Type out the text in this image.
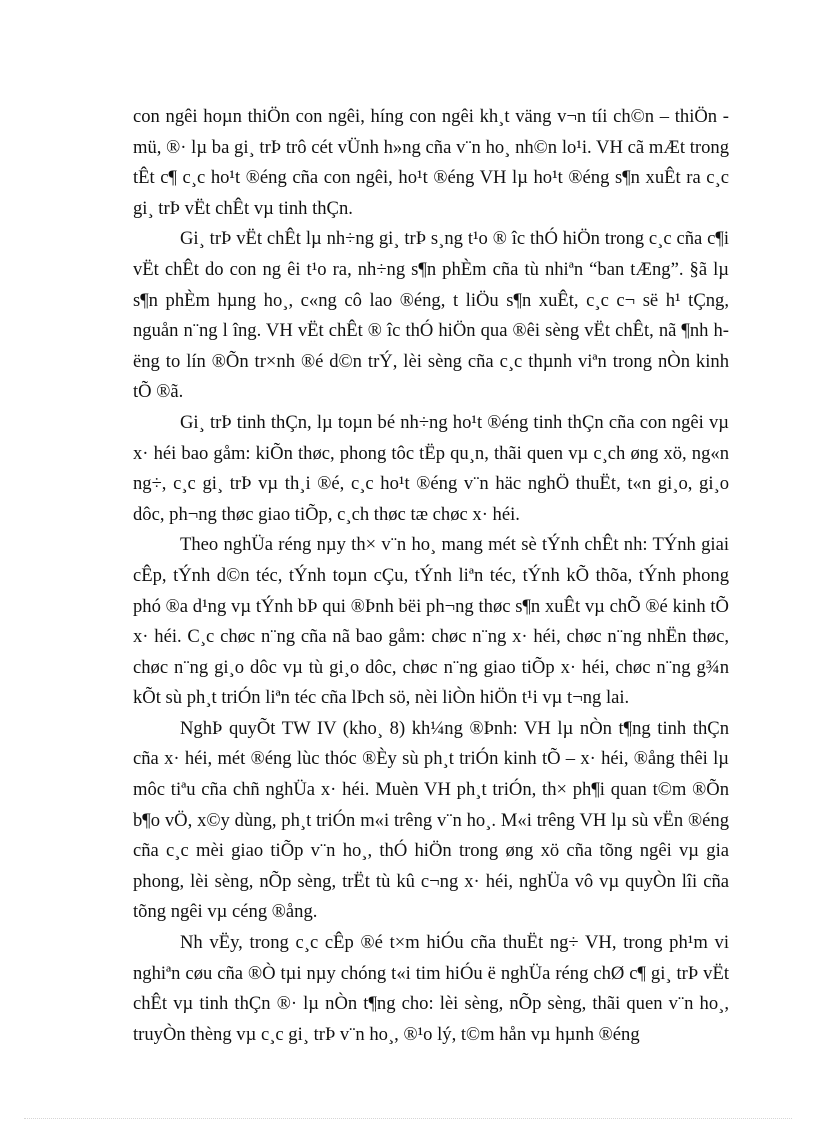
con ngêi hoµn thiÖn con ngêi, híng con ngêi kh¸t väng v¬n tíi ch©n – thiÖn - mü, ®· lµ ba gi¸ trÞ trô cét vÜnh h»ng cña v¨n ho¸ nh©n lo¹i. VH cã mÆt trong tÊt c¶ c¸c ho¹t ®éng cña con ngêi, ho¹t ®éng VH lµ ho¹t ®éng s¶n xuÊt ra c¸c gi¸ trÞ vËt chÊt vµ tinh thÇn.

Gi¸ trÞ vËt chÊt lµ nh÷ng gi¸ trÞ s¸ng t¹o ® îc thÓ hiÖn trong c¸c cña c¶i vËt chÊt do con ng êi t¹o ra, nh÷ng s¶n phÈm cña tù nhiªn “ban tÆng”. §ã lµ s¶n phÈm hµng ho¸, c«ng cô lao ®éng, t liÖu s¶n xuÊt, c¸c c¬ së h¹ tÇng, nguån n¨ng l îng. VH vËt chÊt ® îc thÓ hiÖn qua ®êi sèng vËt chÊt, nã ¶nh h ëng to lín ®Õn tr×nh ®é d©n trÝ, lèi sèng cña c¸c thµnh viªn trong nÒn kinh tÕ ®ã.

Gi¸ trÞ tinh thÇn, lµ toµn bé nh÷ng ho¹t ®éng tinh thÇn cña con ngêi vµ x· héi bao gåm: kiÕn thøc, phong tôc tËp qu¸n, thãi quen vµ c¸ch øng xö, ng«n ng÷, c¸c gi¸ trÞ vµ th¸i ®é, c¸c ho¹t ®éng v¨n häc nghÖ thuËt, t«n gi¸o, gi¸o dôc, ph¬ng thøc giao tiÕp, c¸ch thøc tæ chøc x· héi.

Theo nghÜa réng nµy th× v¨n ho¸ mang mét sè tÝnh chÊt nh: TÝnh giai cÊp, tÝnh d©n téc, tÝnh toµn cÇu, tÝnh liªn téc, tÝnh kÕ thõa, tÝnh phong phó ®a d¹ng vµ tÝnh bÞ qui ®Þnh bëi ph¬ng thøc s¶n xuÊt vµ chÕ ®é kinh tÕ x· héi. C¸c chøc n¨ng cña nã bao gåm: chøc n¨ng x· héi, chøc n¨ng nhËn thøc, chøc n¨ng gi¸o dôc vµ tù gi¸o dôc, chøc n¨ng giao tiÕp x· héi, chøc n¨ng g¾n kÕt sù ph¸t triÓn liªn téc cña lÞch sö, nèi liÒn hiÖn t¹i vµ t¬ng lai.

NghÞ quyÕt TW IV (kho¸ 8) kh¼ng ®Þnh: VH lµ nÒn t¶ng tinh thÇn cña x· héi, mét ®éng lùc thóc ®Èy sù ph¸t triÓn kinh tÕ – x· héi, ®ång thêi lµ môc tiªu cña chñ nghÜa x· héi. Muèn VH ph¸t triÓn, th× ph¶i quan t©m ®Õn b¶o vÖ, x©y dùng, ph¸t triÓn m«i trêng v¨n ho¸. M«i trêng VH lµ sù vËn ®éng cña c¸c mèi giao tiÕp v¨n ho¸, thÓ hiÖn trong øng xö cña tõng ngêi vµ gia phong, lèi sèng, nÕp sèng, trËt tù kû c¬ng x· héi, nghÜa vô vµ quyÒn lîi cña tõng ngêi vµ céng ®ång.

Nh vËy, trong c¸c cÊp ®é t×m hiÓu cña thuËt ng÷ VH, trong ph¹m vi nghiªn cøu cña ®Ò tµi nµy chóng t«i tim hiÓu ë nghÜa réng chØ c¶ gi¸ trÞ vËt chÊt vµ tinh thÇn ®· lµ nÒn t¶ng cho: lèi sèng, nÕp sèng, thãi quen v¨n ho¸, truyÒn thèng vµ c¸c gi¸ trÞ v¨n ho¸, ®¹o lý, t©m hån vµ hµnh ®éng
